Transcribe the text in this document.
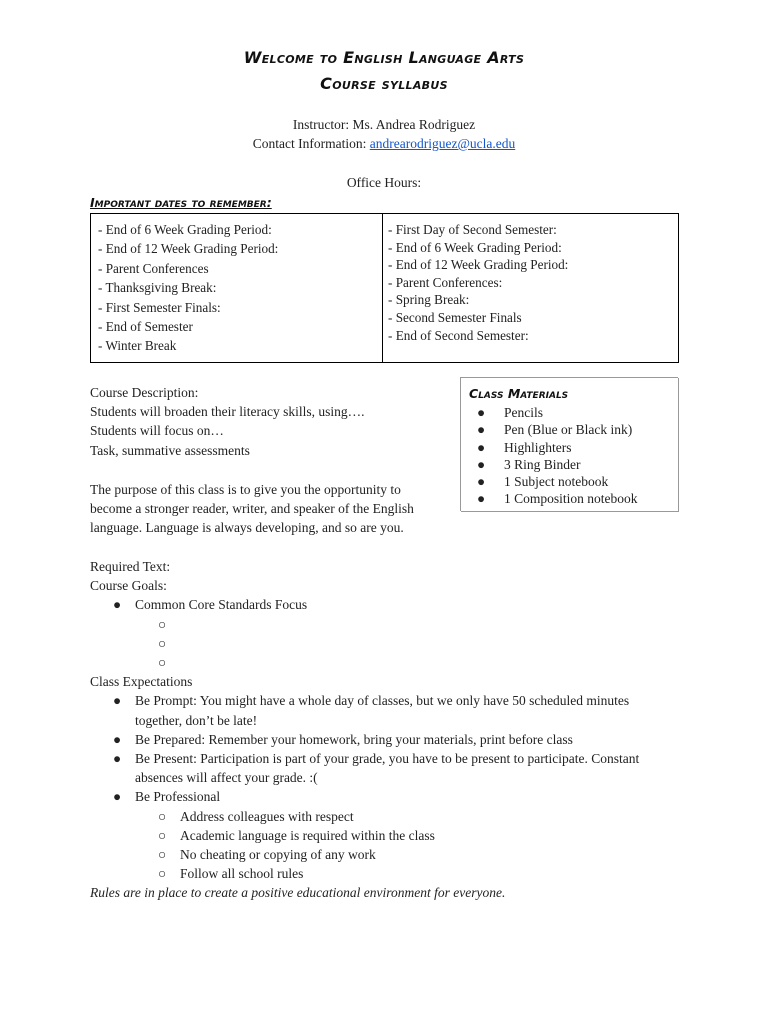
Welcome to English Language Arts
Course syllabus
Instructor: Ms. Andrea Rodriguez
Contact Information: andrearodriguez@ucla.edu
Office Hours:
Important dates to remember:
- End of 6 Week Grading Period:
- End of 12 Week Grading Period:
- Parent Conferences
- Thanksgiving Break:
- First Semester Finals:
- End of Semester
- Winter Break
- First Day of Second Semester:
- End of 6 Week Grading Period:
- End of 12 Week Grading Period:
- Parent Conferences:
- Spring Break:
- Second Semester Finals
- End of Second Semester:
Class Materials
● Pencils
● Pen (Blue or Black ink)
● Highlighters
● 3 Ring Binder
● 1 Subject notebook
● 1 Composition notebook
Course Description:
Students will broaden their literacy skills, using….
Students will focus on…
Task, summative assessments
The purpose of this class is to give you the opportunity to
become a stronger reader, writer, and speaker of the English
language. Language is always developing, and so are you.
Required Text:
Course Goals:
●	Common Core Standards Focus
○

○

○

Class Expectations
●	Be Prompt: You might have a whole day of classes, but we only have 50 scheduled minutes
together, don’t be late!
●	Be Prepared: Remember your homework, bring your materials, print before class
●	Be Present: Participation is part of your grade, you have to be present to participate. Constant
absences will affect your grade. :(
●	Be Professional
○	Address colleagues with respect
○	Academic language is required within the class
○	No cheating or copying of any work
○	Follow all school rules
Rules are in place to create a positive educational environment for everyone.
